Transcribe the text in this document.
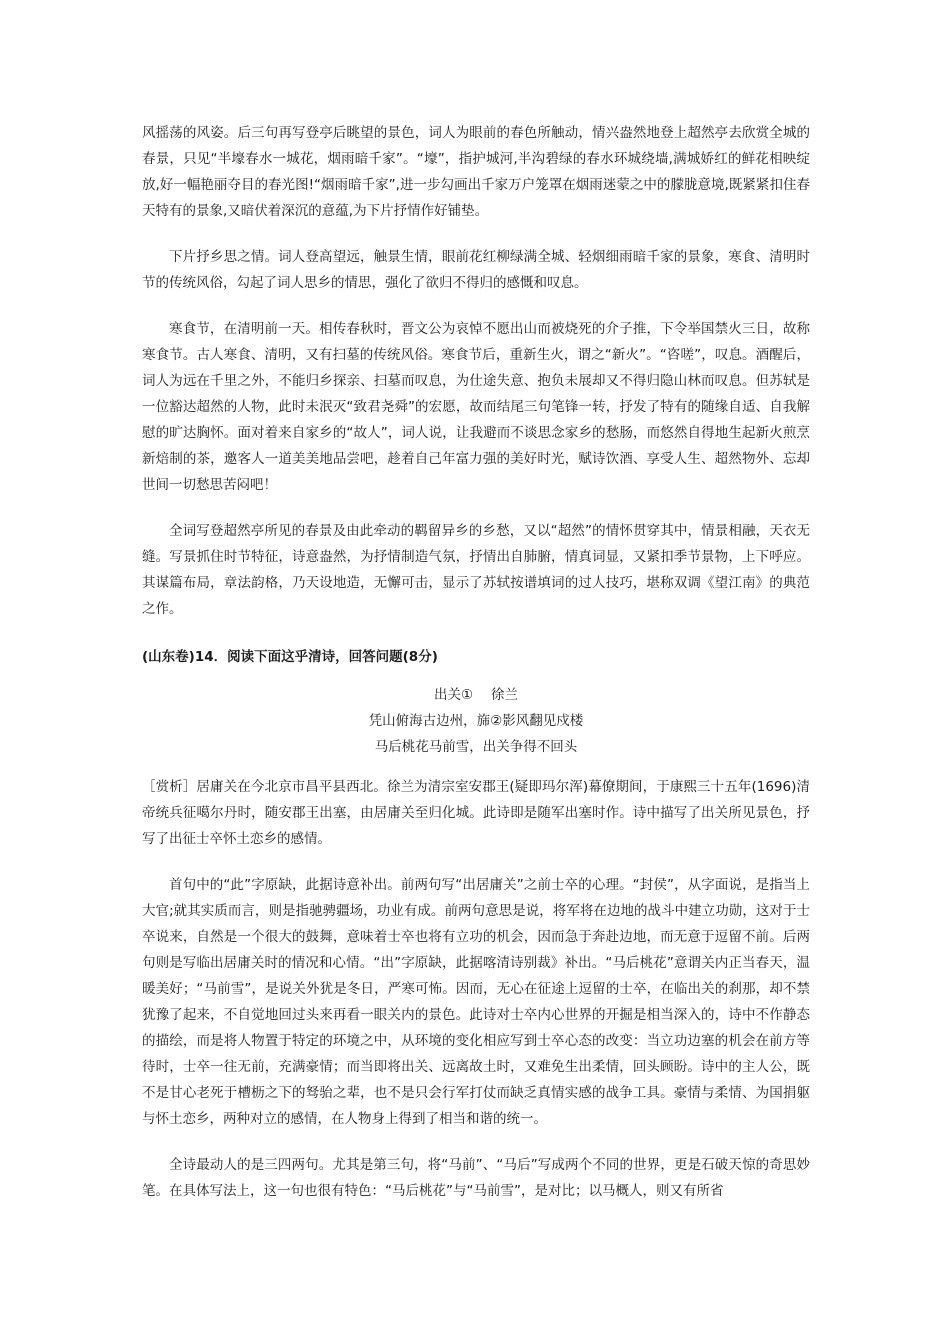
风摇荡的风姿。后三句再写登亭后眺望的景色，词人为眼前的春色所触动，情兴盎然地登上超然亭去欣赏全城的春景，只见“半壕春水一城花，烟雨暗千家”。“壕”，指护城河,半沟碧绿的春水环城绕墙,满城娇红的鲜花相映绽放,好一幅艳丽夺目的春光图!“烟雨暗千家”,进一步勾画出千家万户笼罩在烟雨迷蒙之中的朦胧意境,既紧紧扣住春天特有的景象,又暗伏着深沉的意蕴,为下片抒情作好铺垫。

下片抒乡思之情。词人登高望远，触景生情，眼前花红柳绿满全城、轻烟细雨暗千家的景象，寒食、清明时节的传统风俗，勾起了词人思乡的情思，强化了欲归不得归的感慨和叹息。

寒食节，在清明前一天。相传春秋时，晋文公为哀悼不愿出山而被烧死的介子推，下令举国禁火三日，故称寒食节。古人寒食、清明，又有扫墓的传统风俗。寒食节后，重新生火，谓之“新火”。“咨嗟”，叹息。酒醒后，词人为远在千里之外，不能归乡探亲、扫墓而叹息，为仕途失意、抱负未展却又不得归隐山林而叹息。但苏轼是一位豁达超然的人物，此时未泯灭“致君尧舜”的宏愿，故而结尾三句笔锋一转，抒发了特有的随缘自适、自我解慰的旷达胸怀。面对着来自家乡的“故人”，词人说，让我避而不谈思念家乡的愁肠，而悠然自得地生起新火煎烹新焙制的茶，邀客人一道美美地品尝吧，趁着自己年富力强的美好时光，赋诗饮酒、享受人生、超然物外、忘却世间一切愁思苦闷吧！

全词写登超然亭所见的春景及由此牵动的羁留异乡的乡愁，又以“超然”的情怀贯穿其中，情景相融，天衣无缝。写景抓住时节特征，诗意盎然，为抒情制造气氛，抒情出自肺腑，情真词显，又紧扣季节景物，上下呼应。其谋篇布局，章法韵格，乃天设地造，无懈可击，显示了苏轼按谱填词的过人技巧，堪称双调《望江南》的典范之作。

(山东卷)14．阅读下面这乎清诗，回答问题(8分)

出关①　 徐兰
凭山俯海古边州，旆②影风翻见戍楼
马后桃花马前雪，出关争得不回头

［赏析］居庸关在今北京市昌平县西北。徐兰为清宗室安郡王(疑即玛尔浑)幕僚期间，于康熙三十五年(1696)清帝统兵征噶尔丹时，随安郡王出塞，由居庸关至归化城。此诗即是随军出塞时作。诗中描写了出关所见景色，抒写了出征士卒怀土恋乡的感情。

首句中的“此”字原缺，此据诗意补出。前两句写“出居庸关”之前士卒的心理。“封侯”，从字面说，是指当上大官;就其实质而言，则是指驰骋疆场，功业有成。前两句意思是说，将军将在边地的战斗中建立功勋，这对于士卒说来，自然是一个很大的鼓舞，意味着士卒也将有立功的机会，因而急于奔赴边地，而无意于逗留不前。后两句则是写临出居庸关时的情况和心情。“出”字原缺，此据喀清诗别裁》补出。“马后桃花”意谓关内正当春天，温暖美好；“马前雪”，是说关外犹是冬日，严寒可怖。因而，无心在征途上逗留的士卒，在临出关的刹那，却不禁犹豫了起来，不自觉地回过头来再看一眼关内的景色。此诗对士卒内心世界的开掘是相当深入的，诗中不作静态的描绘，而是将人物置于特定的环境之中，从环境的变化相应写到士卒心态的改变：当立功边塞的机会在前方等待时，士卒一往无前，充满豪情；而当即将出关、远离故土时，又难免生出柔情，回头顾盼。诗中的主人公，既不是甘心老死于槽枥之下的驽骀之辈，也不是只会行军打仗而缺乏真情实感的战争工具。豪情与柔情、为国捐躯与怀土恋乡，两种对立的感情，在人物身上得到了相当和谐的统一。

全诗最动人的是三四两句。尤其是第三句，将“马前”、“马后”写成两个不同的世界，更是石破天惊的奇思妙笔。在具体写法上，这一句也很有特色：“马后桃花”与“马前雪”，是对比；以马概人，则又有所省
